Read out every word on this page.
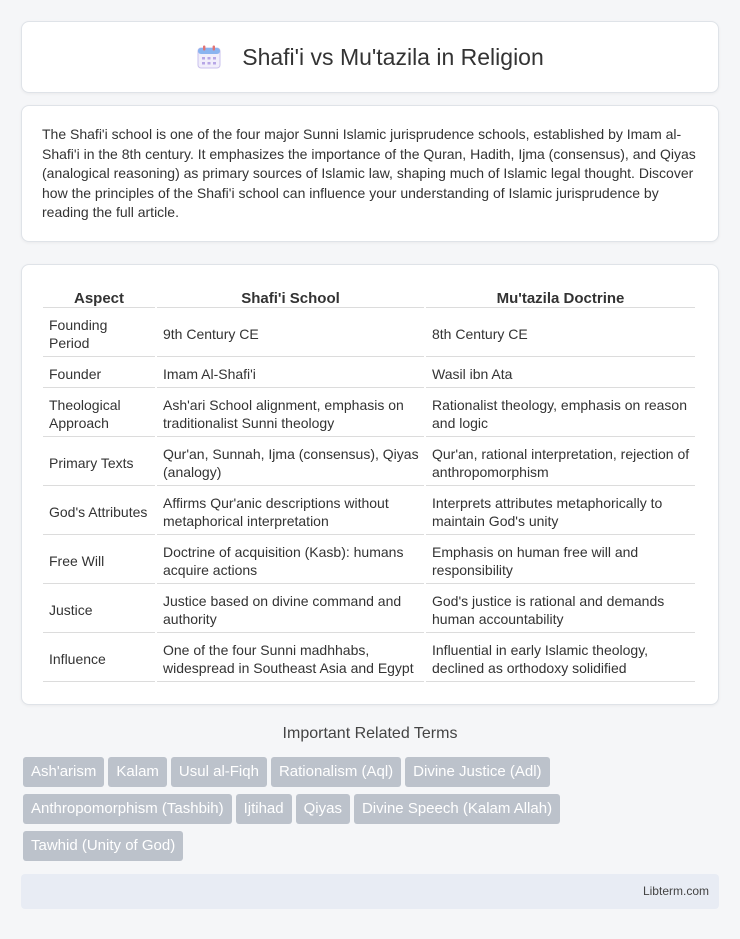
Shafi'i vs Mu'tazila in Religion

The Shafi'i school is one of the four major Sunni Islamic jurisprudence schools, established by Imam al-Shafi'i in the 8th century. It emphasizes the importance of the Quran, Hadith, Ijma (consensus), and Qiyas (analogical reasoning) as primary sources of Islamic law, shaping much of Islamic legal thought. Discover how the principles of the Shafi'i school can influence your understanding of Islamic jurisprudence by reading the full article.

Aspect	Shafi'i School	Mu'tazila Doctrine
Founding Period	9th Century CE	8th Century CE
Founder	Imam Al-Shafi'i	Wasil ibn Ata
Theological Approach	Ash'ari School alignment, emphasis on traditionalist Sunni theology	Rationalist theology, emphasis on reason and logic
Primary Texts	Qur'an, Sunnah, Ijma (consensus), Qiyas (analogy)	Qur'an, rational interpretation, rejection of anthropomorphism
God's Attributes	Affirms Qur'anic descriptions without metaphorical interpretation	Interprets attributes metaphorically to maintain God's unity
Free Will	Doctrine of acquisition (Kasb): humans acquire actions	Emphasis on human free will and responsibility
Justice	Justice based on divine command and authority	God's justice is rational and demands human accountability
Influence	One of the four Sunni madhhabs, widespread in Southeast Asia and Egypt	Influential in early Islamic theology, declined as orthodoxy solidified
Important Related Terms
Ash'arism Kalam Usul al-Fiqh Rationalism (Aql) Divine Justice (Adl)
Anthropomorphism (Tashbih) Ijtihad Qiyas Divine Speech (Kalam Allah)
Tawhid (Unity of God)
Libterm.com
